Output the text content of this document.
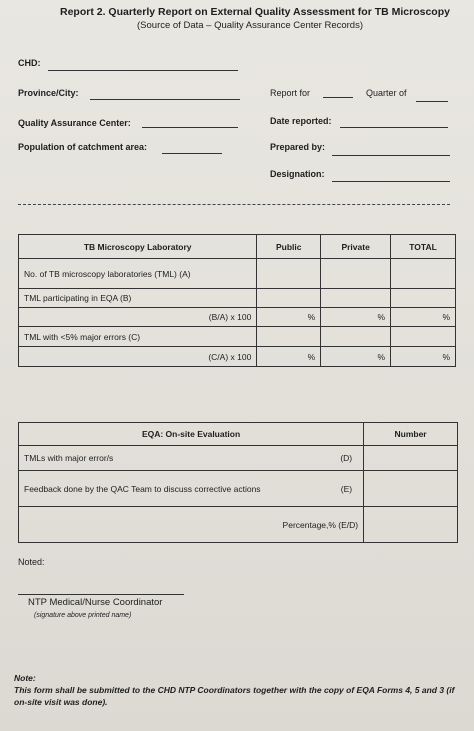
Report 2. Quarterly Report on External Quality Assessment for TB Microscopy
(Source of Data – Quality Assurance Center Records)
CHD:
Province/City:	Report for	Quarter of
Quality Assurance Center:	Date reported:
Population of catchment area:	Prepared by:
Designation:
TB Microscopy Laboratory	Public	Private	TOTAL
No. of TB microscopy laboratories (TML) (A)			
TML participating in EQA (B)			
(B/A) x 100	%	%	%
TML with <5% major errors (C)			
(C/A) x 100	%	%	%
EQA: On-site Evaluation	Number
TMLs with major error/s (D)	

Feedback done by the QAC Team to discuss corrective actions (E)	

Percentage,% (E/D)	
Noted:
NTP Medical/Nurse Coordinator
(signature above printed name)
Note:
This form shall be submitted to the CHD NTP Coordinators together with the copy of EQA Forms 4, 5 and 3 (if on-site visit was done).
